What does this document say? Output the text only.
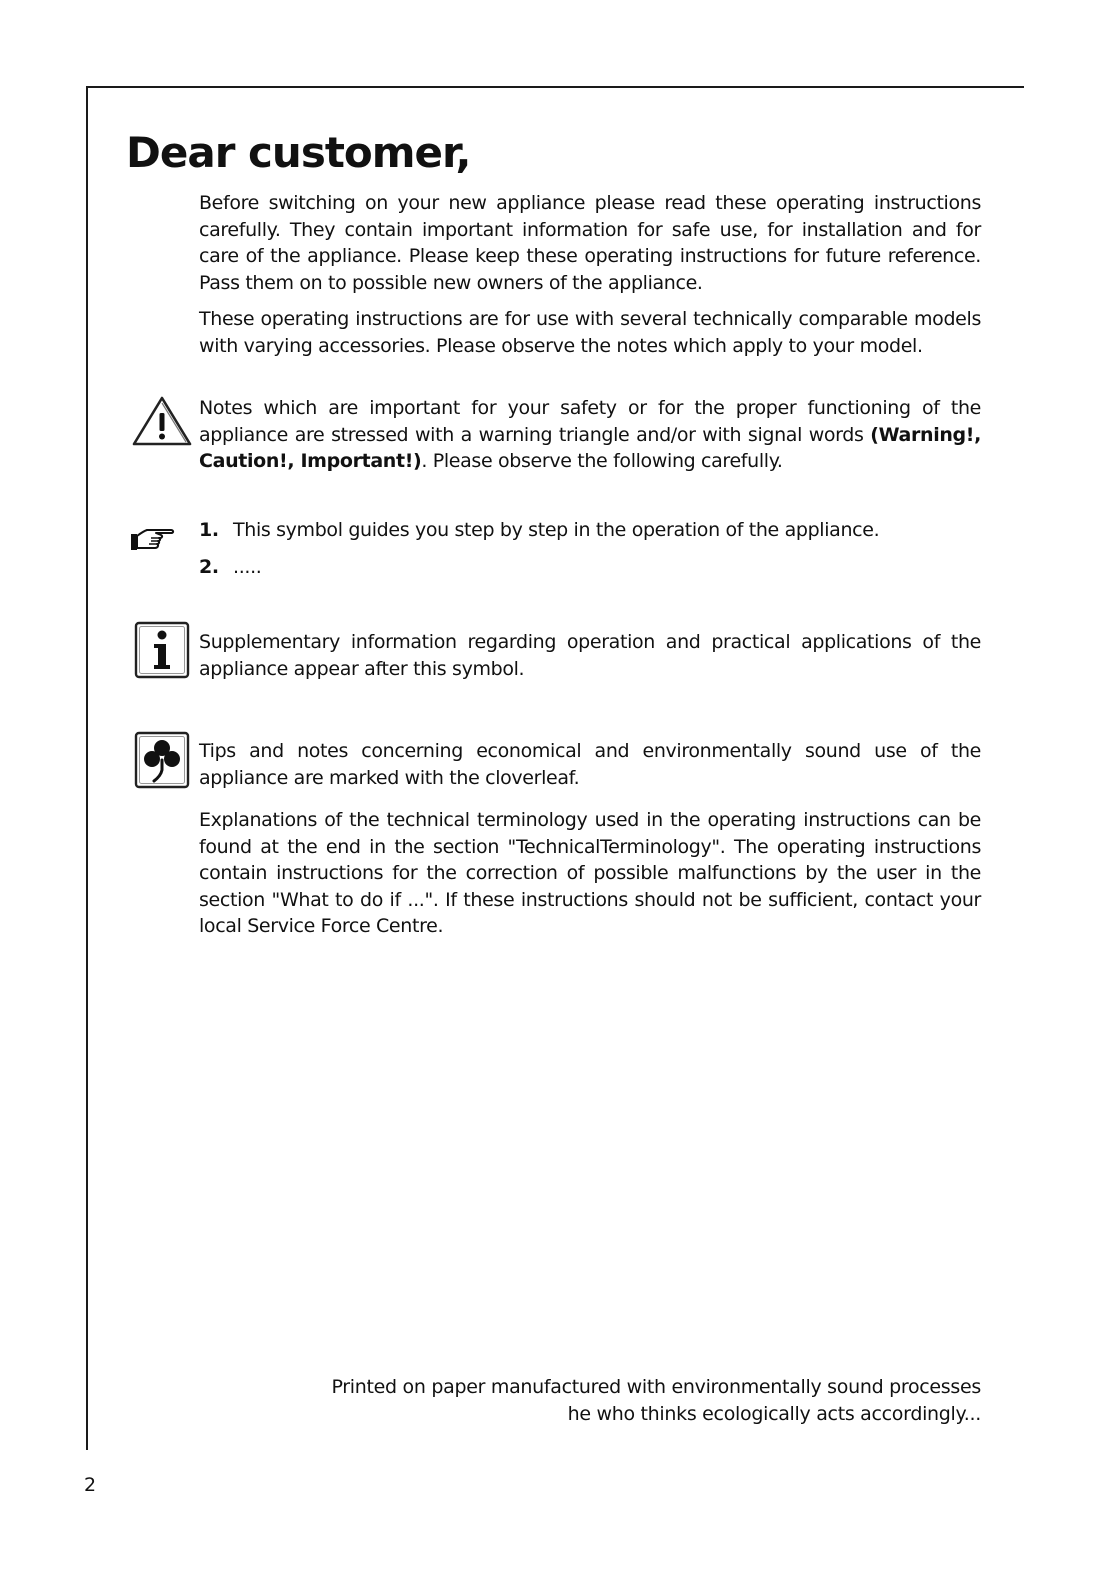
Dear customer,

Before switching on your new appliance please read these operating instructions carefully. They contain important information for safe use, for installation and for care of the appliance. Please keep these operating instructions for future reference. Pass them on to possible new owners of the appliance.

These operating instructions are for use with several technically comparable models with varying accessories. Please observe the notes which apply to your model.

Notes which are important for your safety or for the proper functioning of the appliance are stressed with a warning triangle and/or with signal words (Warning!, Caution!, Important!). Please observe the following carefully.

1. This symbol guides you step by step in the operation of the appliance.
2. .....

Supplementary information regarding operation and practical applications of the appliance appear after this symbol.

Tips and notes concerning economical and environmentally sound use of the appliance are marked with the cloverleaf.

Explanations of the technical terminology used in the operating instructions can be found at the end in the section "TechnicalTerminology". The operating instructions contain instructions for the correction of possible malfunctions by the user in the section "What to do if ...". If these instructions should not be sufficient, contact your local Service Force Centre.

Printed on paper manufactured with environmentally sound processes
he who thinks ecologically acts accordingly...
2
